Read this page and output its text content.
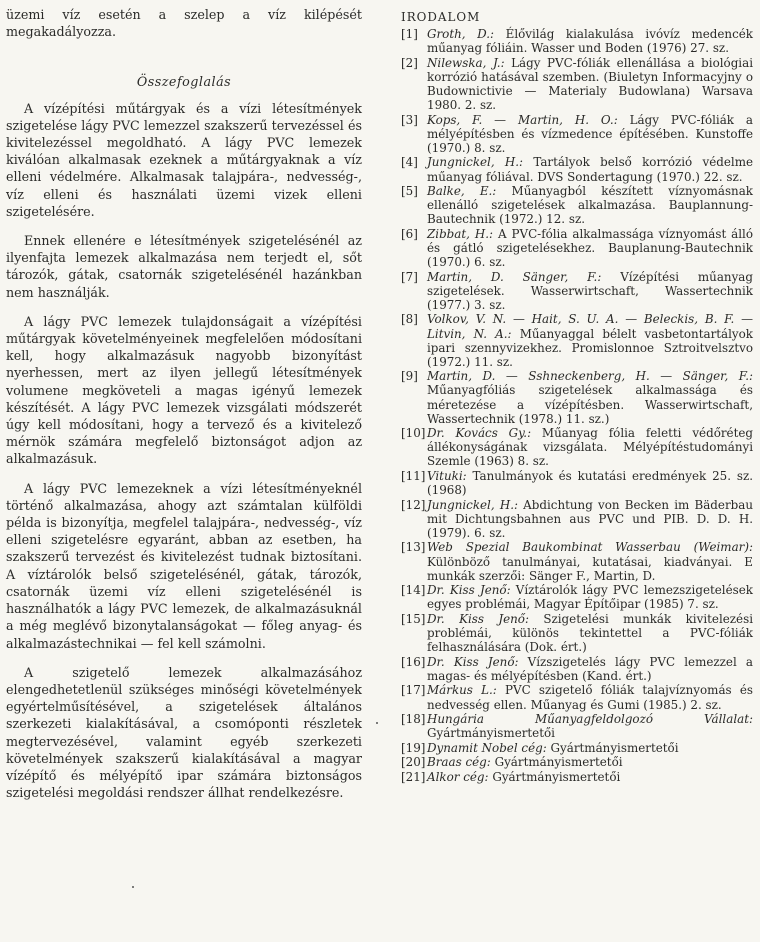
üzemi víz esetén a szelep a víz kilépését megakadályozza.

Összefoglalás

A vízépítési műtárgyak és a vízi létesítmények szigetelése lágy PVC lemezzel szakszerű tervezéssel és kivitelezéssel megoldható. A lágy PVC lemezek kiválóan alkalmasak ezeknek a műtárgyaknak a víz elleni védelmére. Alkalmasak talajpára-, nedvesség-, víz elleni és használati üzemi vizek elleni szigetelésére.

Ennek ellenére e létesítmények szigetelésénél az ilyenfajta lemezek alkalmazása nem terjedt el, sőt tározók, gátak, csatornák szigetelésénél hazánkban nem használják.

A lágy PVC lemezek tulajdonságait a vízépítési műtárgyak követelményeinek megfelelően módosítani kell, hogy alkalmazásuk nagyobb bizonyítást nyerhessen, mert az ilyen jellegű létesítmények volumene megköveteli a magas igényű lemezek készítését. A lágy PVC lemezek vizsgálati módszerét úgy kell módosítani, hogy a tervező és a kivitelező mérnök számára megfelelő biztonságot adjon az alkalmazásuk.

A lágy PVC lemezeknek a vízi létesítményeknél történő alkalmazása, ahogy azt számtalan külföldi példa is bizonyítja, megfelel talajpára-, nedvesség-, víz elleni szigetelésre egyaránt, abban az esetben, ha szakszerű tervezést és kivitelezést tudnak biztosítani. A víztárolók belső szigetelésénél, gátak, tározók, csatornák üzemi víz elleni szigetelésénél is használhatók a lágy PVC lemezek, de alkalmazásuknál a még meglévő bizonytalanságokat — főleg anyag- és alkalmazástechnikai — fel kell számolni.

A szigetelő lemezek alkalmazásához elengedhetetlenül szükséges minőségi követelmények egyértelműsítésével, a szigetelések általános szerkezeti kialakításával, a csomóponti részletek megtervezésével, valamint egyéb szerkezeti követelmények szakszerű kialakításával a magyar vízépítő és mélyépítő ipar számára biztonságos szigetelési megoldási rendszer állhat rendelkezésre.

IRODALOM
[1] Groth, D.: Élővilág kialakulása ivóvíz medencék műanyag fóliáin. Wasser und Boden (1976) 27. sz.
[2] Nilewska, J.: Lágy PVC-fóliák ellenállása a biológiai korrózió hatásával szemben. (Biuletyn Informacyjny o Budownictivie — Materialy Budowlana) Warsava 1980. 2. sz.
[3] Kops, F. — Martin, H. O.: Lágy PVC-fóliák a mélyépítésben és vízmedence építésében. Kunstoffe (1970.) 8. sz.
[4] Jungnickel, H.: Tartályok belső korrózió védelme műanyag fóliával. DVS Sondertagung (1970.) 22. sz.
[5] Balke, E.: Műanyagból készített víznyomásnak ellenálló szigetelések alkalmazása. Bauplannung-Bautechnik (1972.) 12. sz.
[6] Zibbat, H.: A PVC-fólia alkalmassága víznyomást álló és gátló szigetelésekhez. Bauplanung-Bautechnik (1970.) 6. sz.
[7] Martin, D. Sänger, F.: Vízépítési műanyag szigetelések. Wasserwirtschaft, Wassertechnik (1977.) 3. sz.
[8] Volkov, V. N. — Hait, S. U. A. — Beleckis, B. F. — Litvin, N. A.: Műanyaggal bélelt vasbetontartályok ipari szennyvizekhez. Promislonnoe Sztroitvelsztvo (1972.) 11. sz.
[9] Martin, D. — Sshneckenberg, H. — Sänger, F.: Műanyagfóliás szigetelések alkalmassága és méretezése a vízépítésben. Wasserwirtschaft, Wassertechnik (1978.) 11. sz.)
[10] Dr. Kovács Gy.: Műanyag fólia feletti védőréteg állékonyságának vizsgálata. Mélyépítéstudományi Szemle (1963) 8. sz.
[11] Vituki: Tanulmányok és kutatási eredmények 25. sz. (1968)
[12] Jungnickel, H.: Abdichtung von Becken im Bäderbau mit Dichtungsbahnen aus PVC und PIB. D. D. H. (1979). 6. sz.
[13] Web Spezial Baukombinat Wasserbau (Weimar): Különböző tanulmányai, kutatásai, kiadványai. E munkák szerzői: Sänger F., Martin, D.
[14] Dr. Kiss Jenő: Víztárolók lágy PVC lemezszigetelések egyes problémái, Magyar Építőipar (1985) 7. sz.
[15] Dr. Kiss Jenő: Szigetelési munkák kivitelezési problémái, különös tekintettel a PVC-fóliák felhasználására (Dok. ért.)
[16] Dr. Kiss Jenő: Vízszigetelés lágy PVC lemezzel a magas- és mélyépítésben (Kand. ért.)
[17] Márkus L.: PVC szigetelő fóliák talajvíznyomás és nedvesség ellen. Műanyag és Gumi (1985.) 2. sz.
[18] Hungária Műanyagfeldolgozó Vállalat: Gyártmányismertetői
[19] Dynamit Nobel cég: Gyártmányismertetői
[20] Braas cég: Gyártmányismertetői
[21] Alkor cég: Gyártmányismertetői
